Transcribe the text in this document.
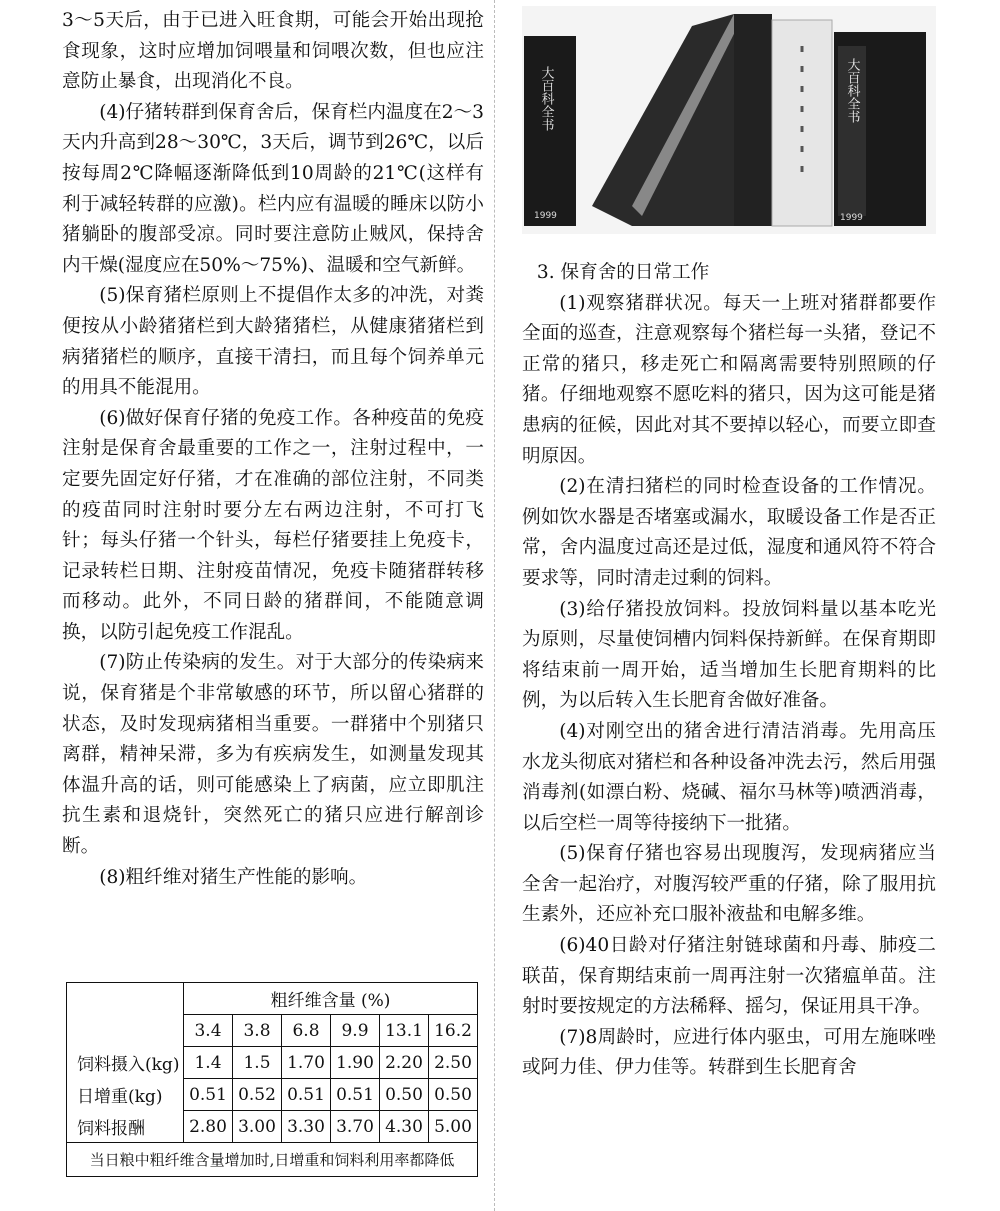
3～5天后，由于已进入旺食期，可能会开始出现抢食现象，这时应增加饲喂量和饲喂次数，但也应注意防止暴食，出现消化不良。

(4)仔猪转群到保育舍后，保育栏内温度在2～3天内升高到28～30℃，3天后，调节到26℃，以后按每周2℃降幅逐渐降低到10周龄的21℃(这样有利于减轻转群的应激)。栏内应有温暖的睡床以防小猪躺卧的腹部受凉。同时要注意防止贼风，保持舍内干燥(湿度应在50%～75%)、温暖和空气新鲜。

(5)保育猪栏原则上不提倡作太多的冲洗，对粪便按从小龄猪猪栏到大龄猪猪栏，从健康猪猪栏到病猪猪栏的顺序，直接干清扫，而且每个饲养单元的用具不能混用。

(6)做好保育仔猪的免疫工作。各种疫苗的免疫注射是保育舍最重要的工作之一，注射过程中，一定要先固定好仔猪，才在准确的部位注射，不同类的疫苗同时注射时要分左右两边注射，不可打飞针；每头仔猪一个针头，每栏仔猪要挂上免疫卡，记录转栏日期、注射疫苗情况，免疫卡随猪群转移而移动。此外，不同日龄的猪群间，不能随意调换，以防引起免疫工作混乱。

(7)防止传染病的发生。对于大部分的传染病来说，保育猪是个非常敏感的环节，所以留心猪群的状态，及时发现病猪相当重要。一群猪中个别猪只离群，精神呆滞，多为有疾病发生，如测量发现其体温升高的话，则可能感染上了病菌，应立即肌注抗生素和退烧针，突然死亡的猪只应进行解剖诊断。

(8)粗纤维对猪生产性能的影响。

	粗纤维含量 (%)					
	3.4	3.8	6.8	9.9	13.1	16.2
饲料摄入(kg)	1.4	1.5	1.70	1.90	2.20	2.50
日增重(kg)	0.51	0.52	0.51	0.51	0.50	0.50
饲料报酬	2.80	3.00	3.30	3.70	4.30	5.00
当日粮中粗纤维含量增加时,日增重和饲料利用率都降低						
大百科全书
1999
大百科全书
1999

3. 保育舍的日常工作

(1)观察猪群状况。每天一上班对猪群都要作全面的巡查，注意观察每个猪栏每一头猪，登记不正常的猪只，移走死亡和隔离需要特别照顾的仔猪。仔细地观察不愿吃料的猪只，因为这可能是猪患病的征候，因此对其不要掉以轻心，而要立即查明原因。

(2)在清扫猪栏的同时检查设备的工作情况。例如饮水器是否堵塞或漏水，取暖设备工作是否正常，舍内温度过高还是过低，湿度和通风符不符合要求等，同时清走过剩的饲料。

(3)给仔猪投放饲料。投放饲料量以基本吃光为原则，尽量使饲槽内饲料保持新鲜。在保育期即将结束前一周开始，适当增加生长肥育期料的比例，为以后转入生长肥育舍做好准备。

(4)对刚空出的猪舍进行清洁消毒。先用高压水龙头彻底对猪栏和各种设备冲洗去污，然后用强消毒剂(如漂白粉、烧碱、福尔马林等)喷洒消毒，以后空栏一周等待接纳下一批猪。

(5)保育仔猪也容易出现腹泻，发现病猪应当全舍一起治疗，对腹泻较严重的仔猪，除了服用抗生素外，还应补充口服补液盐和电解多维。

(6)40日龄对仔猪注射链球菌和丹毒、肺疫二联苗，保育期结束前一周再注射一次猪瘟单苗。注射时要按规定的方法稀释、摇匀，保证用具干净。

(7)8周龄时，应进行体内驱虫，可用左施咪唑或阿力佳、伊力佳等。转群到生长肥育舍
